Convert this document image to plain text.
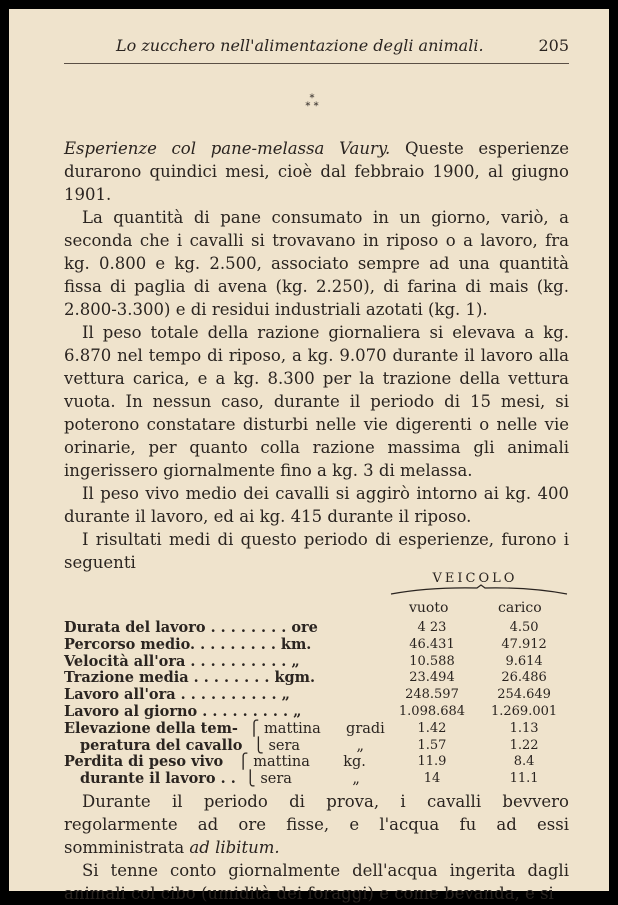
Lo zucchero nell'alimentazione degli animali.	205
*
* *

Esperienze col pane-melassa Vaury. Queste esperienze durarono quindici mesi, cioè dal febbraio 1900, al giugno 1901.

La quantità di pane consumato in un giorno, variò, a seconda che i cavalli si trovavano in riposo o a lavoro, fra kg. 0.800 e kg. 2.500, associato sempre ad una quantità fissa di paglia di avena (kg. 2.250), di farina di mais (kg. 2.800-3.300) e di residui industriali azotati (kg. 1).

Il peso totale della razione giornaliera si elevava a kg. 6.870 nel tempo di riposo, a kg. 9.070 durante il lavoro alla vettura carica, e a kg. 8.300 per la trazione della vettura vuota. In nessun caso, durante il periodo di 15 mesi, si poterono constatare disturbi nelle vie digerenti o nelle vie orinarie, per quanto colla razione massima gli animali ingerissero giornalmente fino a kg. 3 di melassa.

Il peso vivo medio dei cavalli si aggirò intorno ai kg. 400 durante il lavoro, ed ai kg. 415 durante il riposo.

I risultati medi di questo periodo di esperienze, furono i seguenti

VEICOLO
vuoto	carico
Durata del lavoro . . . . . . . . ore	4 23	4.50
Percorso medio. . . . . . . . . km.	46.431	47.912
Velocità all'ora . . . . . . . . . . „	10.588	9.614
Trazione media . . . . . . . . kgm.	23.494	26.486
Lavoro all'ora . . . . . . . . . . „	248.597	254.649
Lavoro al giorno . . . . . . . . . „	1.098.684	1.269.001
Elevazione della tem- ⎧ mattina gradi	1.42	1.13
peratura del cavallo ⎩ sera „	1.57	1.22
Perdita di peso vivo ⎧ mattina kg.	11.9	8.4
durante il lavoro . . ⎩ sera „	14	11.1

Durante il periodo di prova, i cavalli bevvero regolarmente ad ore fisse, e l'acqua fu ad essi somministrata ad libitum.

Si tenne conto giornalmente dell'acqua ingerita dagli animali col cibo (umidità dei foraggi) e come bevanda, e si
